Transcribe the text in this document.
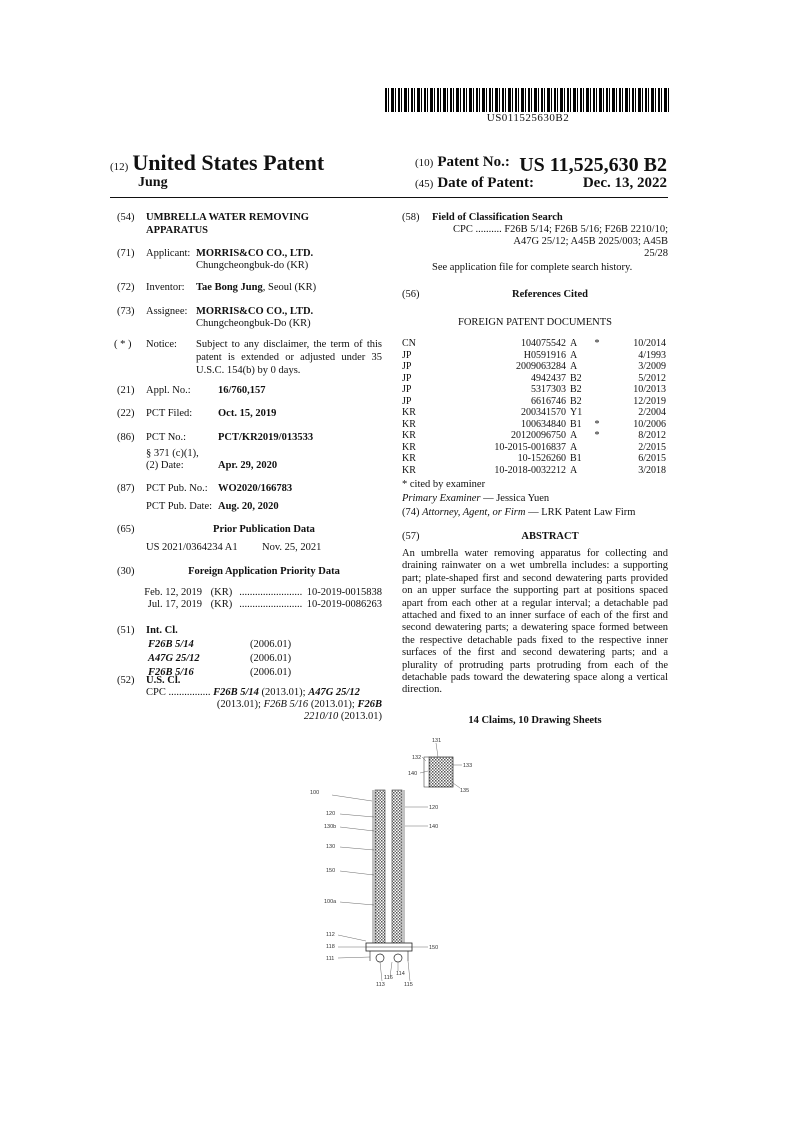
US011525630B2
(12) United States Patent
Jung
(10) Patent No.: US 11,525,630 B2
(45) Date of Patent:	Dec. 13, 2022
(54)	UMBRELLA WATER REMOVING APPARATUS
(71)	Applicant: MORRIS&CO CO., LTD.
Chungcheongbuk-do (KR)
(72)	Inventor: Tae Bong Jung, Seoul (KR)
(73)	Assignee: MORRIS&CO CO., LTD.
Chungcheongbuk-Do (KR)
( * )	Notice: Subject to any disclaimer, the term of this patent is extended or adjusted under 35 U.S.C. 154(b) by 0 days.
(21)	Appl. No.:	16/760,157
(22)	PCT Filed: Oct. 15, 2019
(86)	PCT No.:	PCT/KR2019/013533
§ 371 (c)(1),
(2) Date:	Apr. 29, 2020
(87)	PCT Pub. No.: WO2020/166783
PCT Pub. Date: Aug. 20, 2020
(65)	Prior Publication Data
US 2021/0364234 A1 Nov. 25, 2021
(30)	Foreign Application Priority Data
Feb. 12, 2019 (KR) ........................ 10-2019-0015838
Jul. 17, 2019 (KR) ........................ 10-2019-0086263
(51)	Int. Cl.
F26B 5/14	(2006.01)
A47G 25/12	(2006.01)
F26B 5/16	(2006.01)
(52)	U.S. Cl.
CPC ................ F26B 5/14 (2013.01); A47G 25/12
(2013.01); F26B 5/16 (2013.01); F26B
2210/10 (2013.01)
(58)	Field of Classification Search
CPC .......... F26B 5/14; F26B 5/16; F26B 2210/10;
A47G 25/12; A45B 2025/003; A45B
25/28
See application file for complete search history.
(56)	References Cited
FOREIGN PATENT DOCUMENTS
CN	104075542	A	*	10/2014
JP	H0591916	A		4/1993
JP	2009063284	A		3/2009
JP	4942437	B2		5/2012
JP	5317303	B2		10/2013
JP	6616746	B2		12/2019
KR	200341570	Y1		2/2004
KR	100634840	B1	*	10/2006
KR	20120096750	A	*	8/2012
KR	10-2015-0016837	A		2/2015
KR	10-1526260	B1		6/2015
KR	10-2018-0032212	A		3/2018
* cited by examiner
Primary Examiner — Jessica Yuen
(74) Attorney, Agent, or Firm — LRK Patent Law Firm
(57)	ABSTRACT
An umbrella water removing apparatus for collecting and draining rainwater on a wet umbrella includes: a supporting part; plate-shaped first and second dewatering parts provided on an upper surface the supporting part at positions spaced apart from each other at a regular interval; a detachable pad attached and fixed to an inner surface of each of the first and second dewatering parts; a dewatering space formed between the respective detachable pads fixed to the respective inner surfaces of the first and second dewatering parts; and a plurality of protruding parts protruding from each of the detachable pads toward the dewatering space along a vertical direction.
14 Claims, 10 Drawing Sheets
100
120
130b
130
150
100a
112
118
111
131
132
140
133
135
120
140
150
114
115
116
113
